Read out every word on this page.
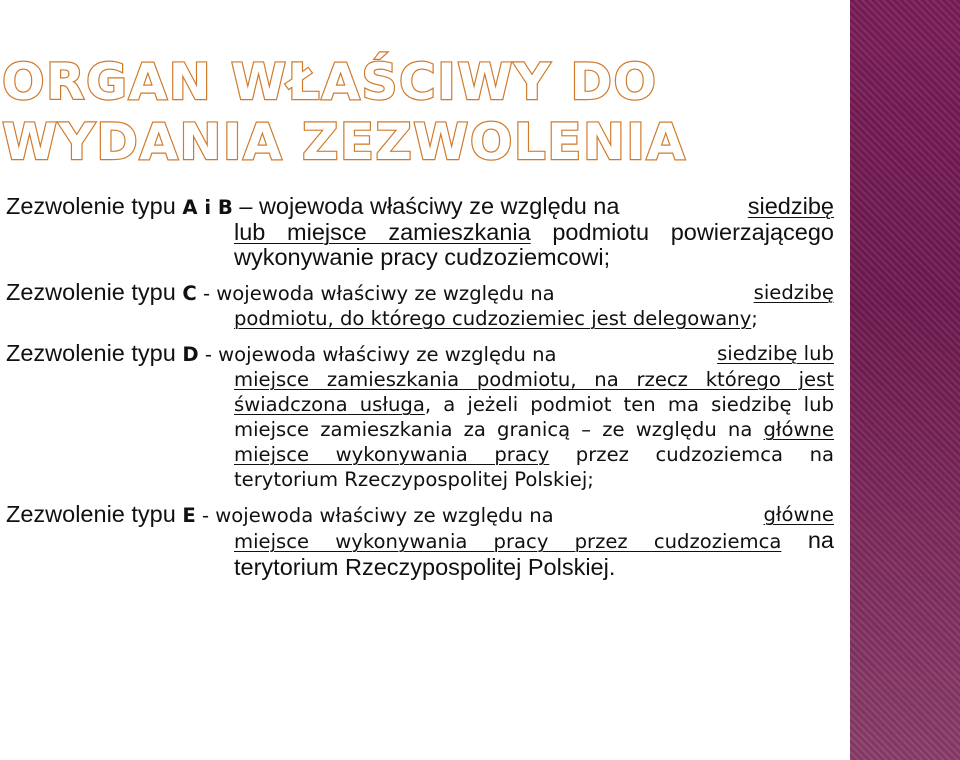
ORGAN WŁAŚCIWY DO WYDANIA ZEZWOLENIA
Zezwolenie typu A i B – wojewoda właściwy ze względu na	siedzibę
lub miejsce zamieszkania podmiotu powierzającego wykonywanie pracy cudzoziemcowi;
Zezwolenie typu C - wojewoda właściwy ze względu na	siedzibę
podmiotu, do którego cudzoziemiec jest delegowany;
Zezwolenie typu D - wojewoda właściwy ze względu na	siedzibę lub
miejsce zamieszkania podmiotu, na rzecz którego jest świadczona usługa, a jeżeli podmiot ten ma siedzibę lub miejsce zamieszkania za granicą – ze względu na główne miejsce wykonywania pracy przez cudzoziemca na terytorium Rzeczypospolitej Polskiej;
Zezwolenie typu E - wojewoda właściwy ze względu na	główne
miejsce wykonywania pracy przez cudzoziemca na terytorium Rzeczypospolitej Polskiej.
